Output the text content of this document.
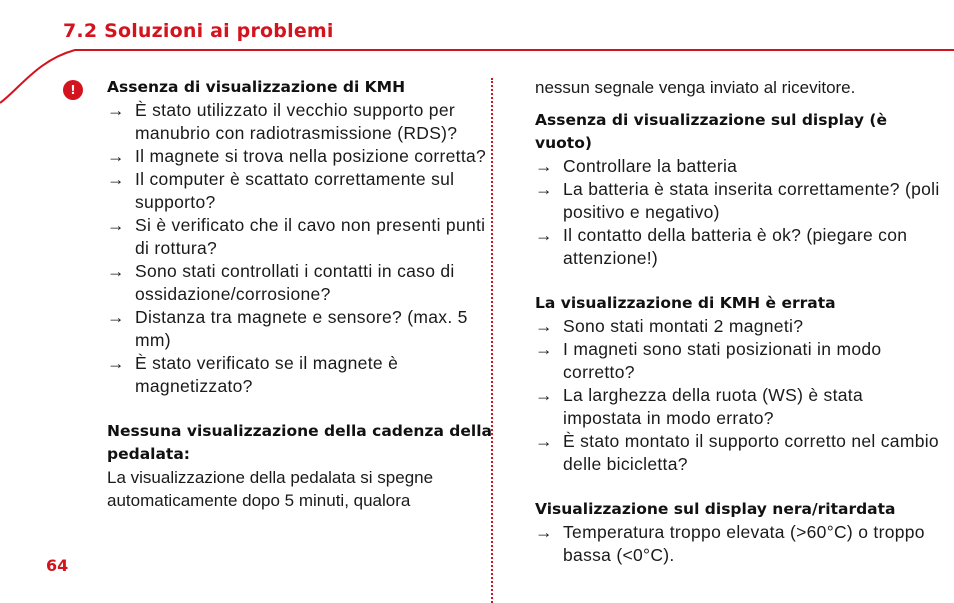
7.2 Soluzioni ai problemi
!	Assenza di visualizzazione di KMH

→ È stato utilizzato il vecchio supporto per manubrio con radiotrasmissione (RDS)?
→ Il magnete si trova nella posizione corretta?
→ Il computer è scattato correttamente sul supporto?
→ Si è verificato che il cavo non presenti punti di rottura?
→ Sono stati controllati i contatti in caso di ossidazione/corrosione?
→ Distanza tra magnete e sensore? (max. 5 mm)
→ È stato verificato se il magnete è magnetizzato?

Nessuna visualizzazione della cadenza della pedalata:

La visualizzazione della pedalata si spegne automaticamente dopo 5 minuti, qualora

nessun segnale venga inviato al ricevitore.

Assenza di visualizzazione sul display (è vuoto)

→ Controllare la batteria
→ La batteria è stata inserita correttamente? (poli positivo e negativo)
→ Il contatto della batteria è ok? (piegare con attenzione!)

La visualizzazione di KMH è errata

→ Sono stati montati 2 magneti?
→ I magneti sono stati posizionati in modo corretto?
→ La larghezza della ruota (WS) è stata impostata in modo errato?
→ È stato montato il supporto corretto nel cambio delle bicicletta?

Visualizzazione sul display nera/ritardata

→ Temperatura troppo elevata (>60°C) o troppo bassa (<0°C).
64
